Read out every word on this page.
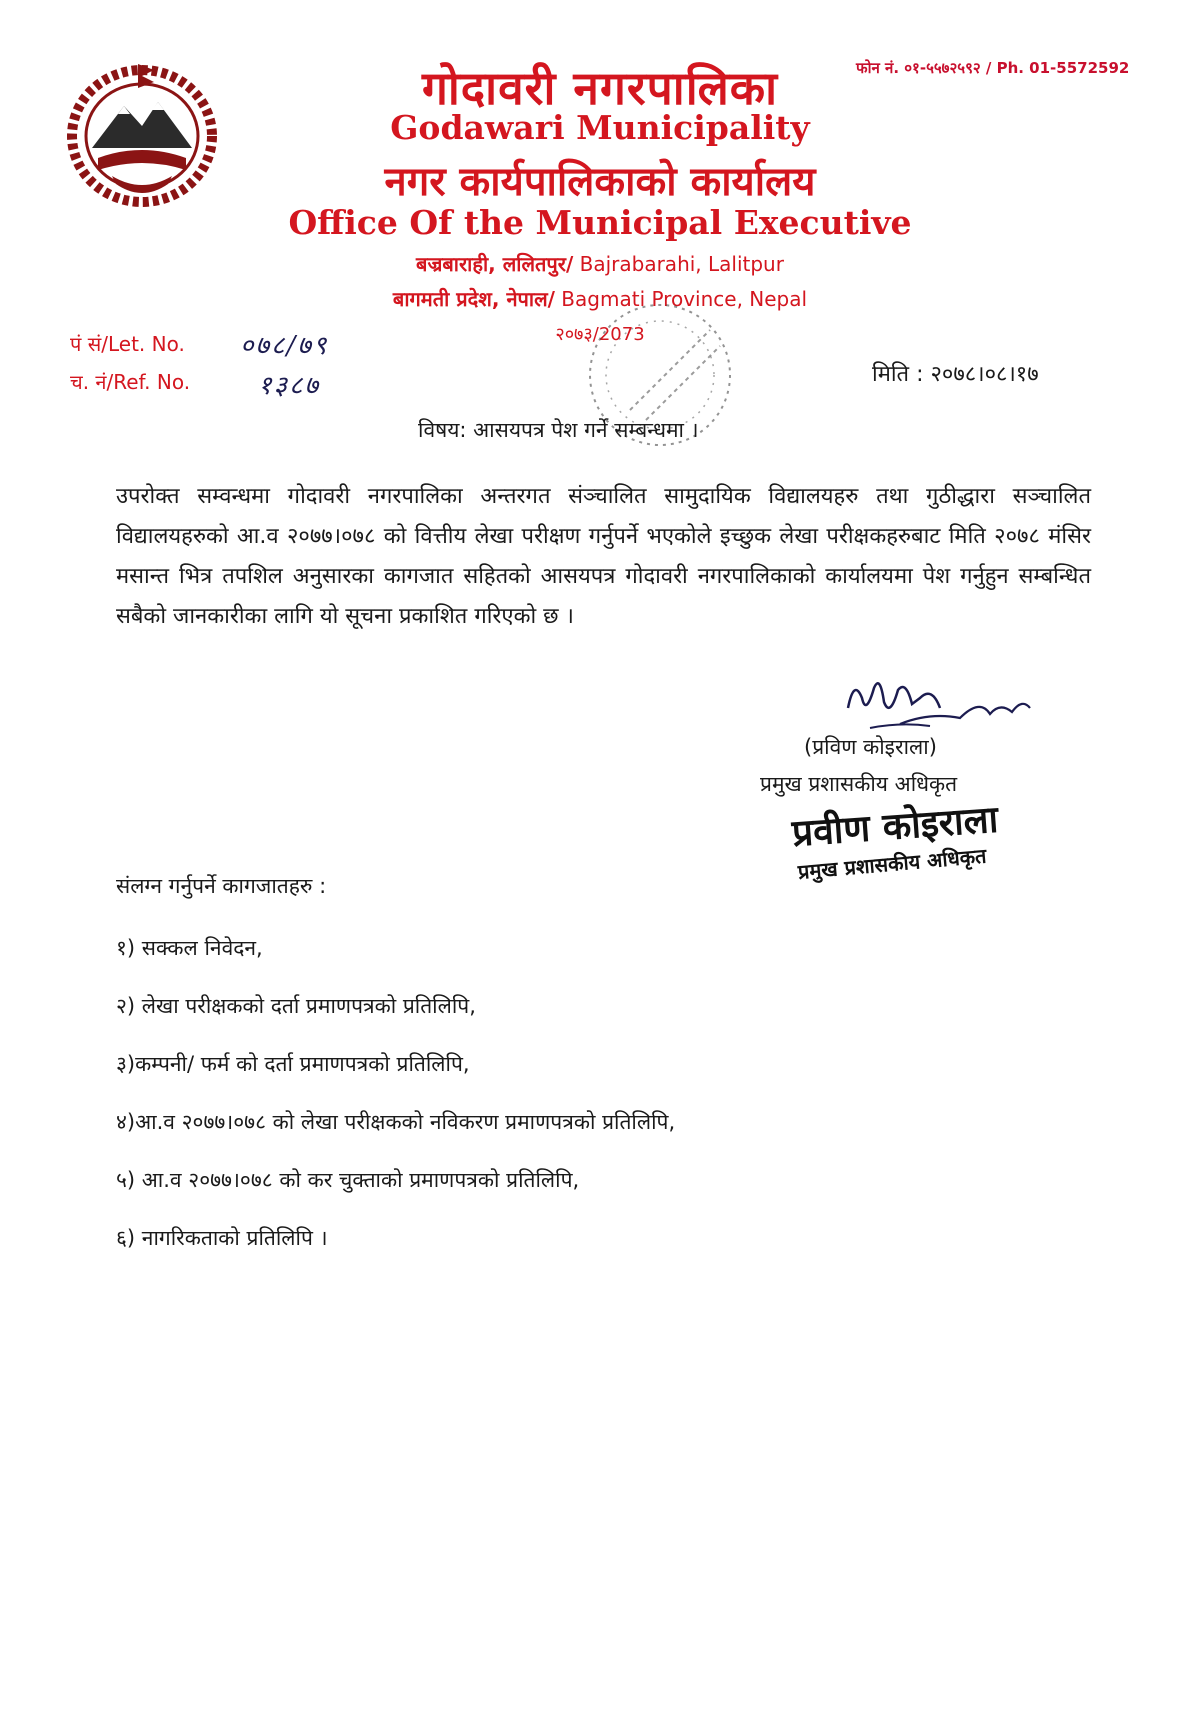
फोन नं. ०१-५५७२५९२ / Ph. 01-5572592
गोदावरी नगरपालिका
Godawari Municipality
नगर कार्यपालिकाको कार्यालय
Office Of the Municipal Executive
बज्रबाराही, ललितपुर/ Bajrabarahi, Lalitpur
बागमती प्रदेश, नेपाल/ Bagmati Province, Nepal
२०७३/2073
पं सं/Let. No.
च. नं/Ref. No.
०७८/७९
१३८७	मिति : २०७८।०८।१७
विषय: आसयपत्र पेश गर्ने सम्बन्धमा ।
उपरोक्त सम्वन्धमा गोदावरी नगरपालिका अन्तरगत संञ्चालित सामुदायिक विद्यालयहरु तथा गुठीद्धारा सञ्चालित विद्यालयहरुको आ.व २०७७।०७८ को वित्तीय लेखा परीक्षण गर्नुपर्ने भएकोले इच्छुक लेखा परीक्षकहरुबाट मिति २०७८ मंसिर मसान्त भित्र तपशिल अनुसारका कागजात सहितको आसयपत्र गोदावरी नगरपालिकाको कार्यालयमा पेश गर्नुहुन सम्बन्धित सबैको जानकारीका लागि यो सूचना प्रकाशित गरिएको छ ।
(प्रविण कोइराला)
प्रमुख प्रशासकीय अधिकृत
प्रवीण कोइराला
प्रमुख प्रशासकीय अधिकृत
संलग्न गर्नुपर्ने कागजातहरु :
१) सक्कल निवेदन,
२) लेखा परीक्षकको दर्ता प्रमाणपत्रको प्रतिलिपि,
३)कम्पनी/ फर्म को दर्ता प्रमाणपत्रको प्रतिलिपि,
४)आ.व २०७७।०७८ को लेखा परीक्षकको नविकरण प्रमाणपत्रको प्रतिलिपि,
५) आ.व २०७७।०७८ को कर चुक्ताको प्रमाणपत्रको प्रतिलिपि,
६) नागरिकताको प्रतिलिपि ।
